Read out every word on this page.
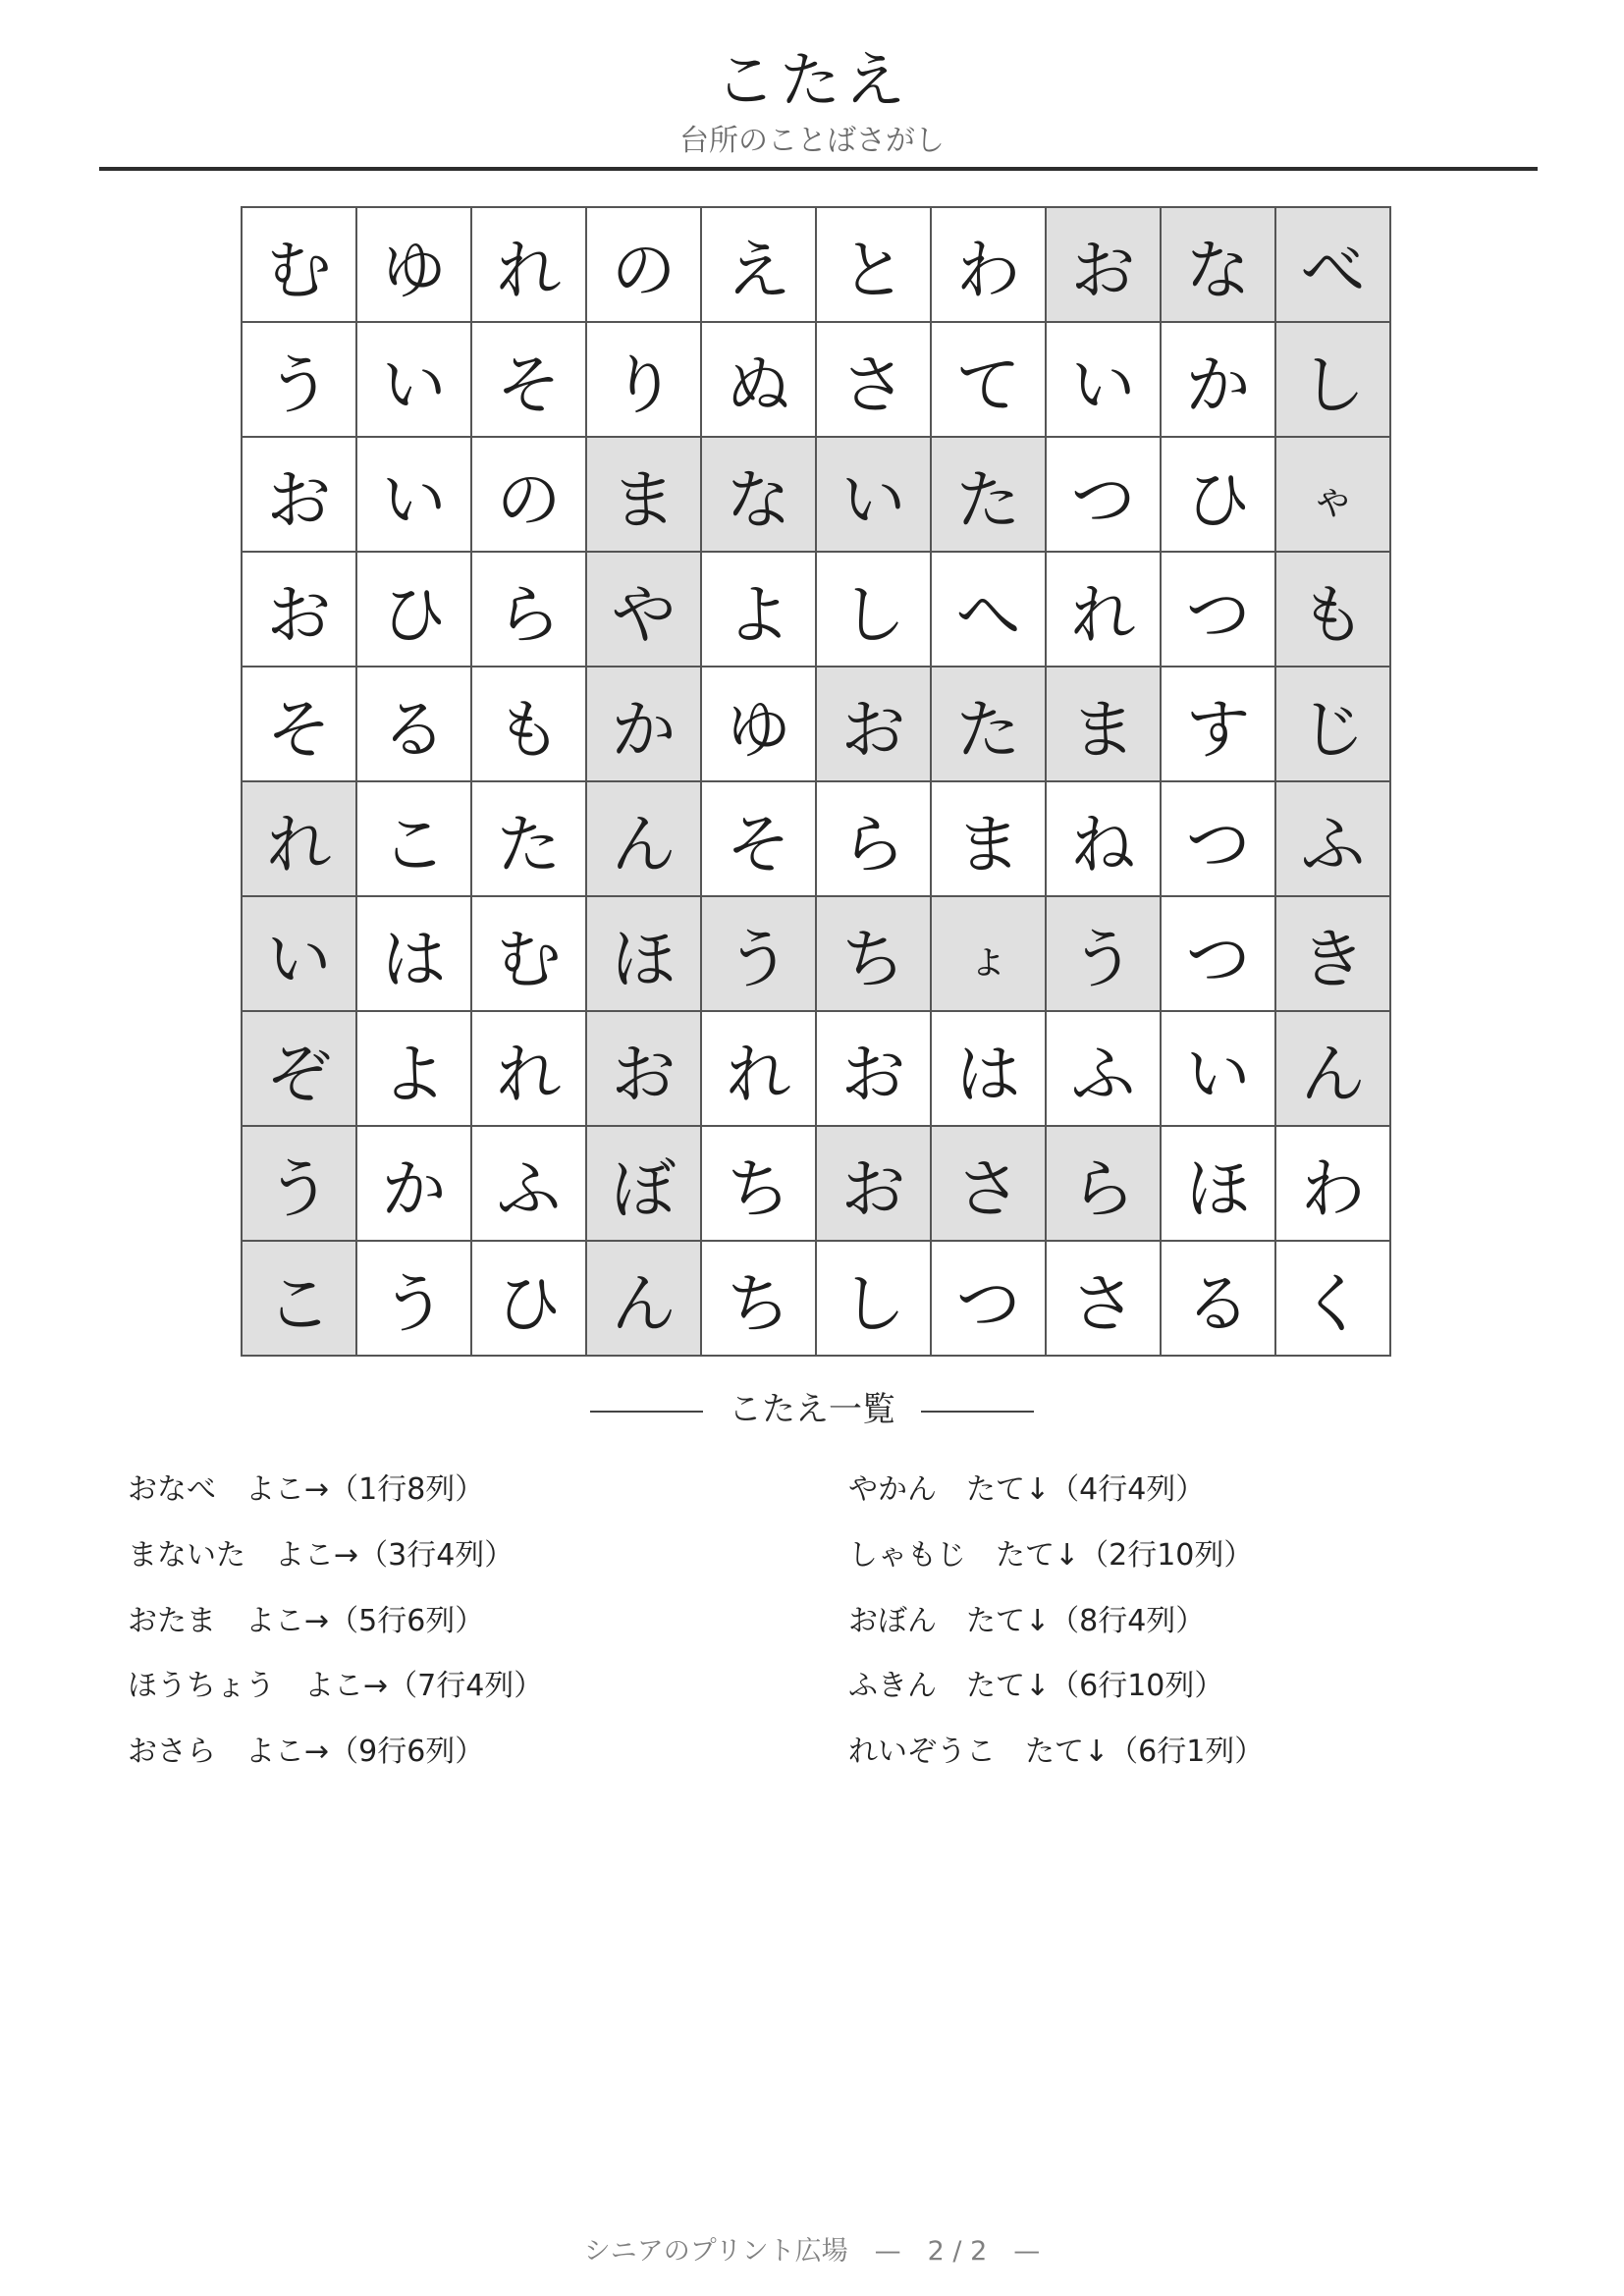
こたえ
台所のことばさがし
む	ゆ	れ	の	え	と	わ	お	な	べ
う	い	そ	り	ぬ	さ	て	い	か	し
お	い	の	ま	な	い	た	つ	ひ	ゃ
お	ひ	ら	や	よ	し	へ	れ	つ	も
そ	る	も	か	ゆ	お	た	ま	す	じ
れ	こ	た	ん	そ	ら	ま	ね	つ	ふ
い	は	む	ほ	う	ち	ょ	う	つ	き
ぞ	よ	れ	お	れ	お	は	ふ	い	ん
う	か	ふ	ぼ	ち	お	さ	ら	ほ	わ
こ	う	ひ	ん	ち	し	つ	さ	る	く
こたえ一覧
おなべ　よこ→（1行8列）
まないた　よこ→（3行4列）
おたま　よこ→（5行6列）
ほうちょう　よこ→（7行4列）
おさら　よこ→（9行6列）
やかん　たて↓（4行4列）
しゃもじ　たて↓（2行10列）
おぼん　たて↓（8行4列）
ふきん　たて↓（6行10列）
れいぞうこ　たて↓（6行1列）
シニアのプリント広場　—　2 / 2　—
